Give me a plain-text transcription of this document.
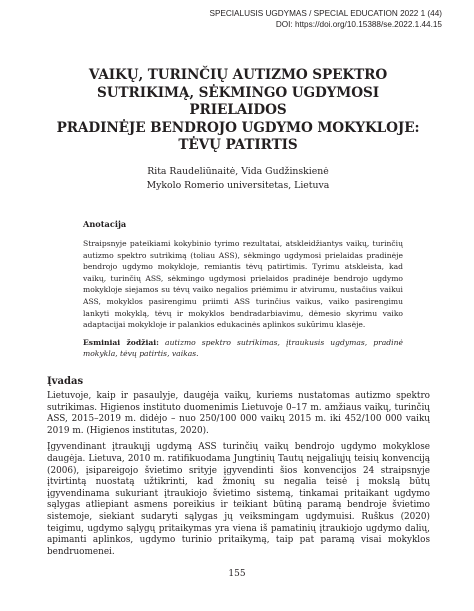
SPECIALUSIS UGDYMAS / SPECIAL EDUCATION 2022 1 (44)
DOI: https://doi.org/10.15388/se.2022.1.44.15
VAIKŲ, TURINČIŲ AUTIZMO SPEKTRO
SUTRIKIMĄ, SĖKMINGO UGDYMOSI PRIELAIDOS
PRADINĖJE BENDROJO UGDYMO MOKYKLOJE:
TĖVŲ PATIRTIS
Rita Raudeliūnaitė, Vida Gudžinskienė
Mykolo Romerio universitetas, Lietuva

Anotacija

Straipsnyje pateikiami kokybinio tyrimo rezultatai, atskleidžiantys vaikų, turinčių autizmo spektro sutrikimą (toliau ASS), sėkmingo ugdymosi prielaidas pradinėje bendrojo ugdymo mokykloje, remiantis tėvų patirtimis. Tyrimu atskleista, kad vaikų, turinčių ASS, sėkmingo ugdymosi prielaidos pradinėje bendrojo ugdymo mokykloje siejamos su tėvų vaiko negalios priėmimu ir atvirumu, nustačius vaikui ASS, mokyklos pasirengimu priimti ASS turinčius vaikus, vaiko pasirengimu lankyti mokyklą, tėvų ir mokyklos bendradarbiavimu, dėmesio skyrimu vaiko adaptacijai mokykloje ir palankios edukacinės aplinkos sukūrimu klasėje.

Esminiai žodžiai: autizmo spektro sutrikimas, įtraukusis ugdymas, pradinė mokykla, tėvų patirtis, vaikas.

Įvadas

Lietuvoje, kaip ir pasaulyje, daugėja vaikų, kuriems nustatomas autizmo spektro sutrikimas. Higienos instituto duomenimis Lietuvoje 0–17 m. amžiaus vaikų, turinčių ASS, 2015–2019 m. didėjo – nuo 250/100 000 vaikų 2015 m. iki 452/100 000 vaikų 2019 m. (Higienos institutas, 2020).

Įgyvendinant įtraukųjį ugdymą ASS turinčių vaikų bendrojo ugdymo mokyklose daugėja. Lietuva, 2010 m. ratifikuodama Jungtinių Tautų neįgaliųjų teisių konvenciją (2006), įsipareigojo švietimo srityje įgyvendinti šios konvencijos 24 straipsnyje įtvirtintą nuostatą užtikrinti, kad žmonių su negalia teisė į mokslą būtų įgyvendinama sukuriant įtraukiojo švietimo sistemą, tinkamai pritaikant ugdymo sąlygas atliepiant asmens poreikius ir teikiant būtiną paramą bendroje švietimo sistemoje, siekiant sudaryti sąlygas jų veiksmingam ugdymuisi. Ruškus (2020) teigimu, ugdymo sąlygų pritaikymas yra viena iš pamatinių įtraukiojo ugdymo dalių, apimanti aplinkos, ugdymo turinio pritaikymą, taip pat paramą visai mokyklos bendruomenei.

155
